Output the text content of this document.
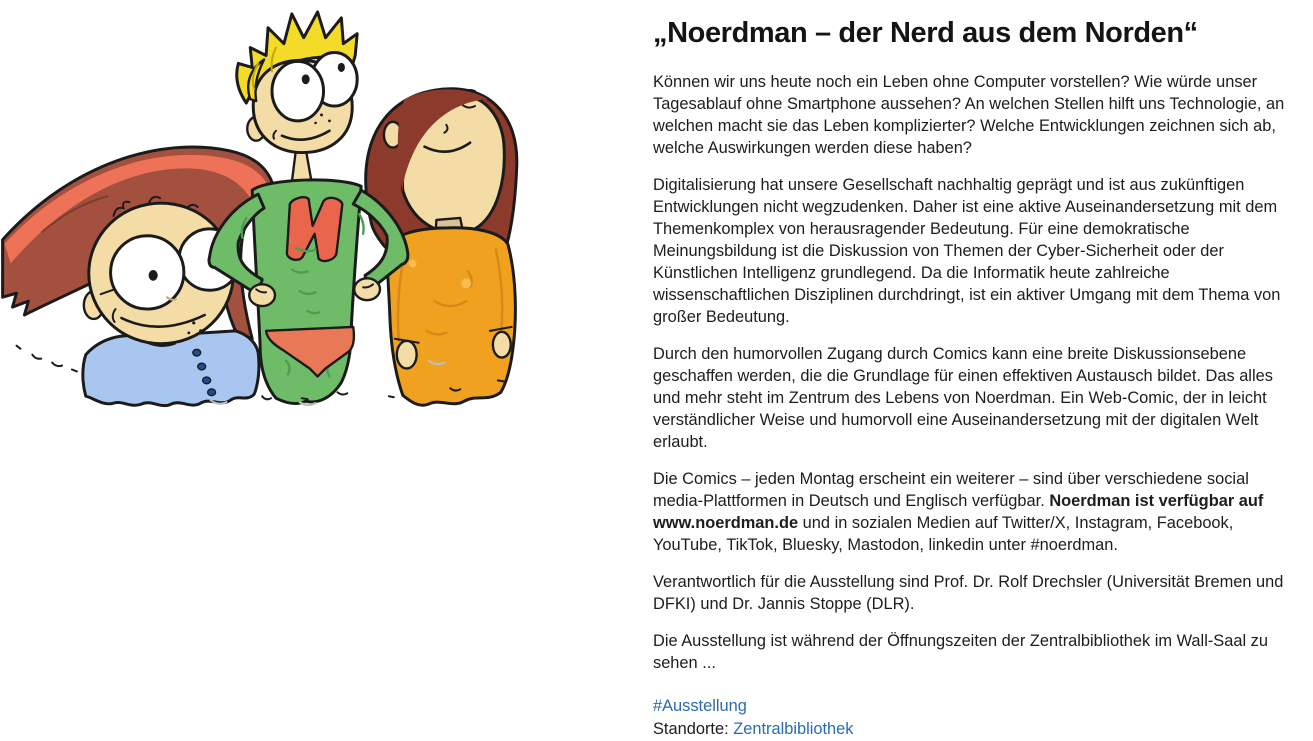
„Noerdman – der Nerd aus dem Norden“

Können wir uns heute noch ein Leben ohne Computer vorstellen? Wie würde unser Tagesablauf ohne Smartphone aussehen? An welchen Stellen hilft uns Technologie, an welchen macht sie das Leben komplizierter? Welche Entwicklungen zeichnen sich ab, welche Auswirkungen werden diese haben?

Digitalisierung hat unsere Gesellschaft nachhaltig geprägt und ist aus zukünftigen Entwicklungen nicht wegzudenken. Daher ist eine aktive Auseinandersetzung mit dem Themenkomplex von herausragender Bedeutung. Für eine demokratische Meinungsbildung ist die Diskussion von Themen der Cyber-Sicherheit oder der Künstlichen Intelligenz grundlegend. Da die Informatik heute zahlreiche wissenschaftlichen Disziplinen durchdringt, ist ein aktiver Umgang mit dem Thema von großer Bedeutung.

Durch den humorvollen Zugang durch Comics kann eine breite Diskussionsebene geschaffen werden, die die Grundlage für einen effektiven Austausch bildet. Das alles und mehr steht im Zentrum des Lebens von Noerdman. Ein Web-Comic, der in leicht verständlicher Weise und humorvoll eine Auseinandersetzung mit der digitalen Welt erlaubt.

Die Comics – jeden Montag erscheint ein weiterer – sind über verschiedene social media-Plattformen in Deutsch und Englisch verfügbar. Noerdman ist verfügbar auf www.noerdman.de und in sozialen Medien auf Twitter/X, Instagram, Facebook, YouTube, TikTok, Bluesky, Mastodon, linkedin unter #noerdman.

Verantwortlich für die Ausstellung sind Prof. Dr. Rolf Drechsler (Universität Bremen und DFKI) und Dr. Jannis Stoppe (DLR).

Die Ausstellung ist während der Öffnungszeiten der Zentralbibliothek im Wall-Saal zu sehen ...

#Ausstellung

Standorte: Zentralbibliothek
